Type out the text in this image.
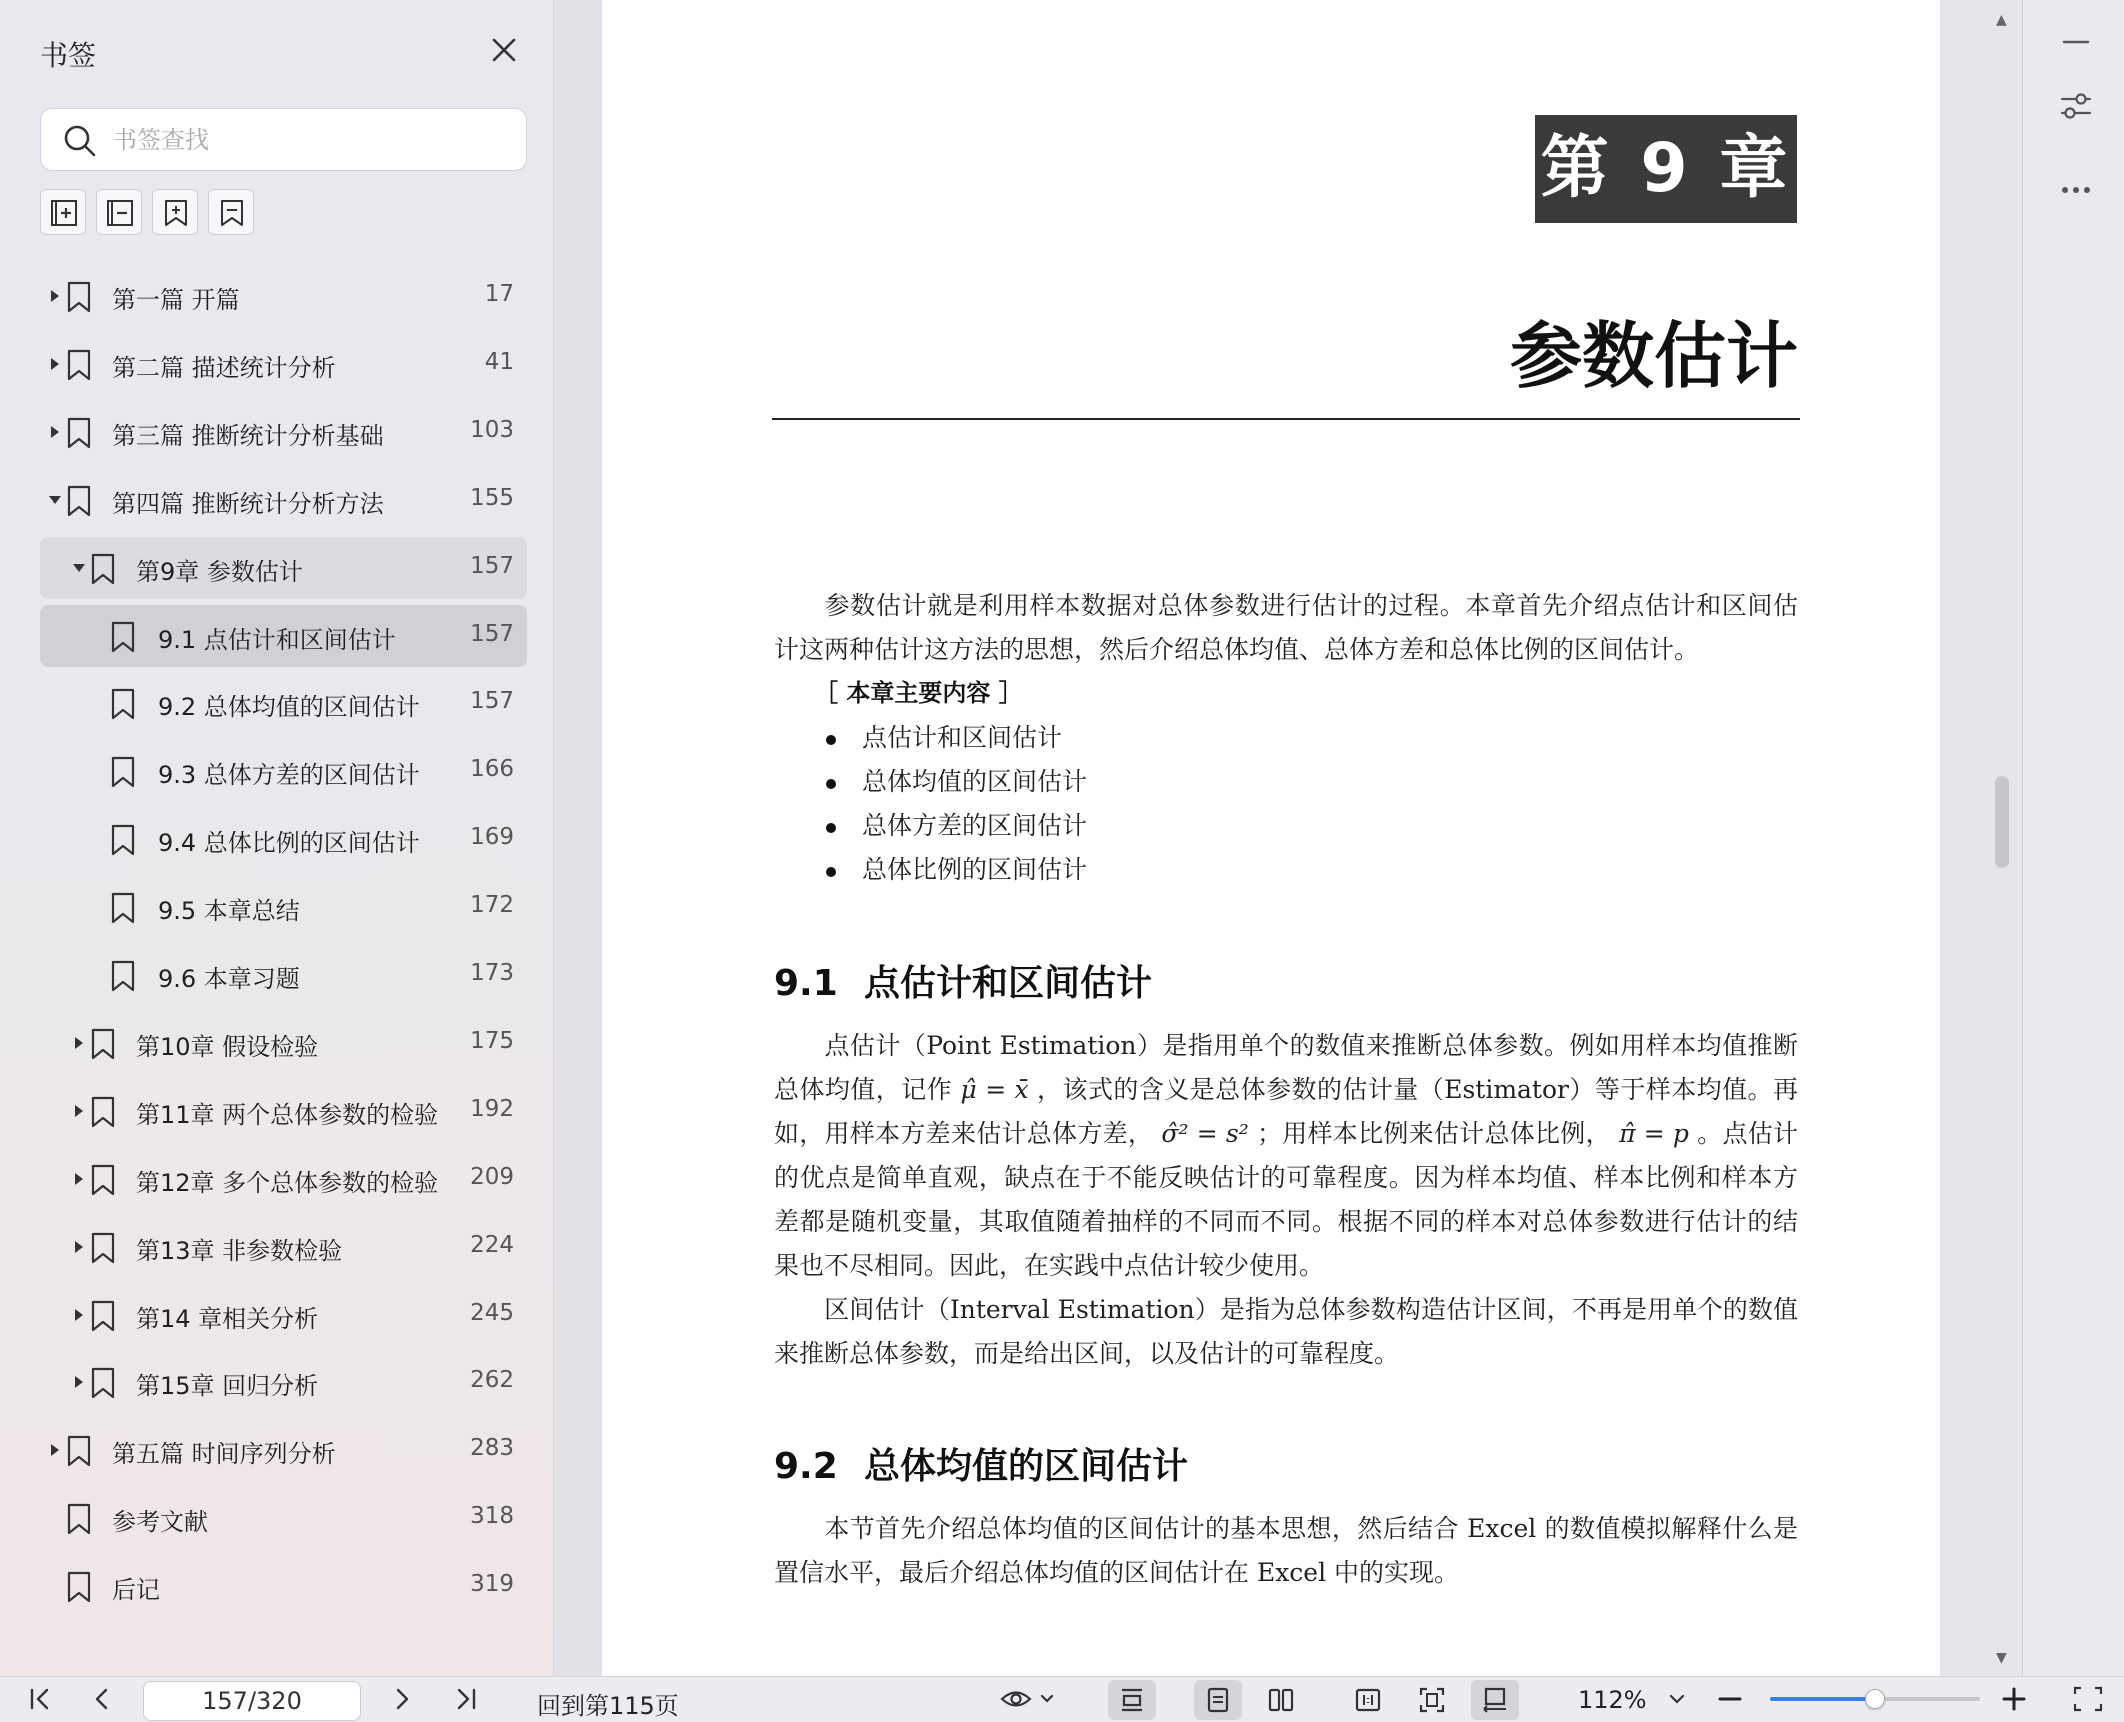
书签
书签查找
第一篇 开篇	17
第二篇 描述统计分析	41
第三篇 推断统计分析基础	103
第四篇 推断统计分析方法	155
第9章 参数估计	157
9.1 点估计和区间估计	157
9.2 总体均值的区间估计 157
9.3 总体方差的区间估计 166
9.4 总体比例的区间估计 169
9.5 本章总结	172
9.6 本章习题	173
第10章 假设检验	175
第11章 两个总体参数的检验 192
第12章 多个总体参数的检验 209
第13章 非参数检验	224
第14 章相关分析	245
第15章 回归分析	262
第五篇 时间序列分析	283
参考文献	318
后记	319
第 9 章
参数估计
参数估计就是利用样本数据对总体参数进行估计的过程。本章首先介绍点估计和区间估计这两种估计这方法的思想，然后介绍总体均值、总体方差和总体比例的区间估计。
［ 本章主要内容 ］
点估计和区间估计
总体均值的区间估计
总体方差的区间估计
总体比例的区间估计
9.1 点估计和区间估计
点估计（Point Estimation）是指用单个的数值来推断总体参数。例如用样本均值推断总体均值，记作 μ̂ = x̄ ，该式的含义是总体参数的估计量（Estimator）等于样本均值。再如，用样本方差来估计总体方差， σ̂² = s² ；用样本比例来估计总体比例， π̂ = p 。点估计的优点是简单直观，缺点在于不能反映估计的可靠程度。因为样本均值、样本比例和样本方差都是随机变量，其取值随着抽样的不同而不同。根据不同的样本对总体参数进行估计的结果也不尽相同。因此，在实践中点估计较少使用。
区间估计（Interval Estimation）是指为总体参数构造估计区间，不再是用单个的数值来推断总体参数，而是给出区间，以及估计的可靠程度。
9.2 总体均值的区间估计
本节首先介绍总体均值的区间估计的基本思想，然后结合 Excel 的数值模拟解释什么是置信水平，最后介绍总体均值的区间估计在 Excel 中的实现。
▲
▼
157/320
回到第115页	112%
